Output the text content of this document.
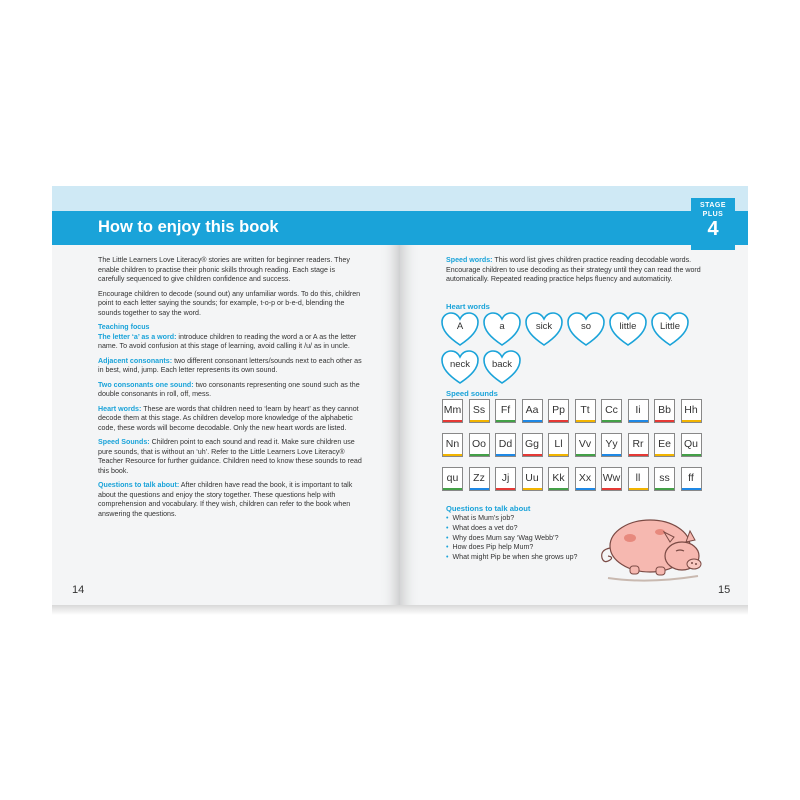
How to enjoy this book

The Little Learners Love Literacy® stories are written for beginner readers. They enable children to practise their phonic skills through reading. Each stage is carefully sequenced to give children confidence and success.

Encourage children to decode (sound out) any unfamiliar words. To do this, children point to each letter saying the sounds; for example, t-o-p or b-e-d, blending the sounds together to say the word.

Teaching focus

The letter ‘a’ as a word: introduce children to reading the word a or A as the letter name. To avoid confusion at this stage of learning, avoid calling it /u/ as in uncle.

Adjacent consonants: two different consonant letters/sounds next to each other as in best, wind, jump. Each letter represents its own sound.

Two consonants one sound: two consonants representing one sound such as the double consonants in roll, off, mess.

Heart words: These are words that children need to ‘learn by heart’ as they cannot decode them at this stage. As children develop more knowledge of the alphabetic code, these words will become decodable. Only the new heart words are listed.

Speed Sounds: Children point to each sound and read it. Make sure children use pure sounds, that is without an ‘uh’. Refer to the Little Learners Love Literacy® Teacher Resource for further guidance. Children need to know these sounds to read this book.

Questions to talk about: After children have read the book, it is important to talk about the questions and enjoy the story together. These questions help with comprehension and vocabulary. If they wish, children can refer to the book when answering the questions.

14
STAGE
PLUS
4
Speed words: This word list gives children practice reading decodable words. Encourage children to use decoding as their strategy until they can read the word automatically. Repeated reading practice helps fluency and automaticity.
Heart words
A	a	sick	so	little	Little
neck	back
Speed sounds
Mm	Ss	Ff	Aa	Pp	Tt	Cc	Ii	Bb	Hh
Nn	Oo	Dd	Gg	Ll	Vv	Yy	Rr	Ee	Qu
qu	Zz	Jj	Uu	Kk	Xx	Ww	ll	ss	ff
Questions to talk about
• What is Mum’s job?
• What does a vet do?
• Why does Mum say ‘Wag Webb’?
• How does Pip help Mum?
• What might Pip be when she grows up?
15
